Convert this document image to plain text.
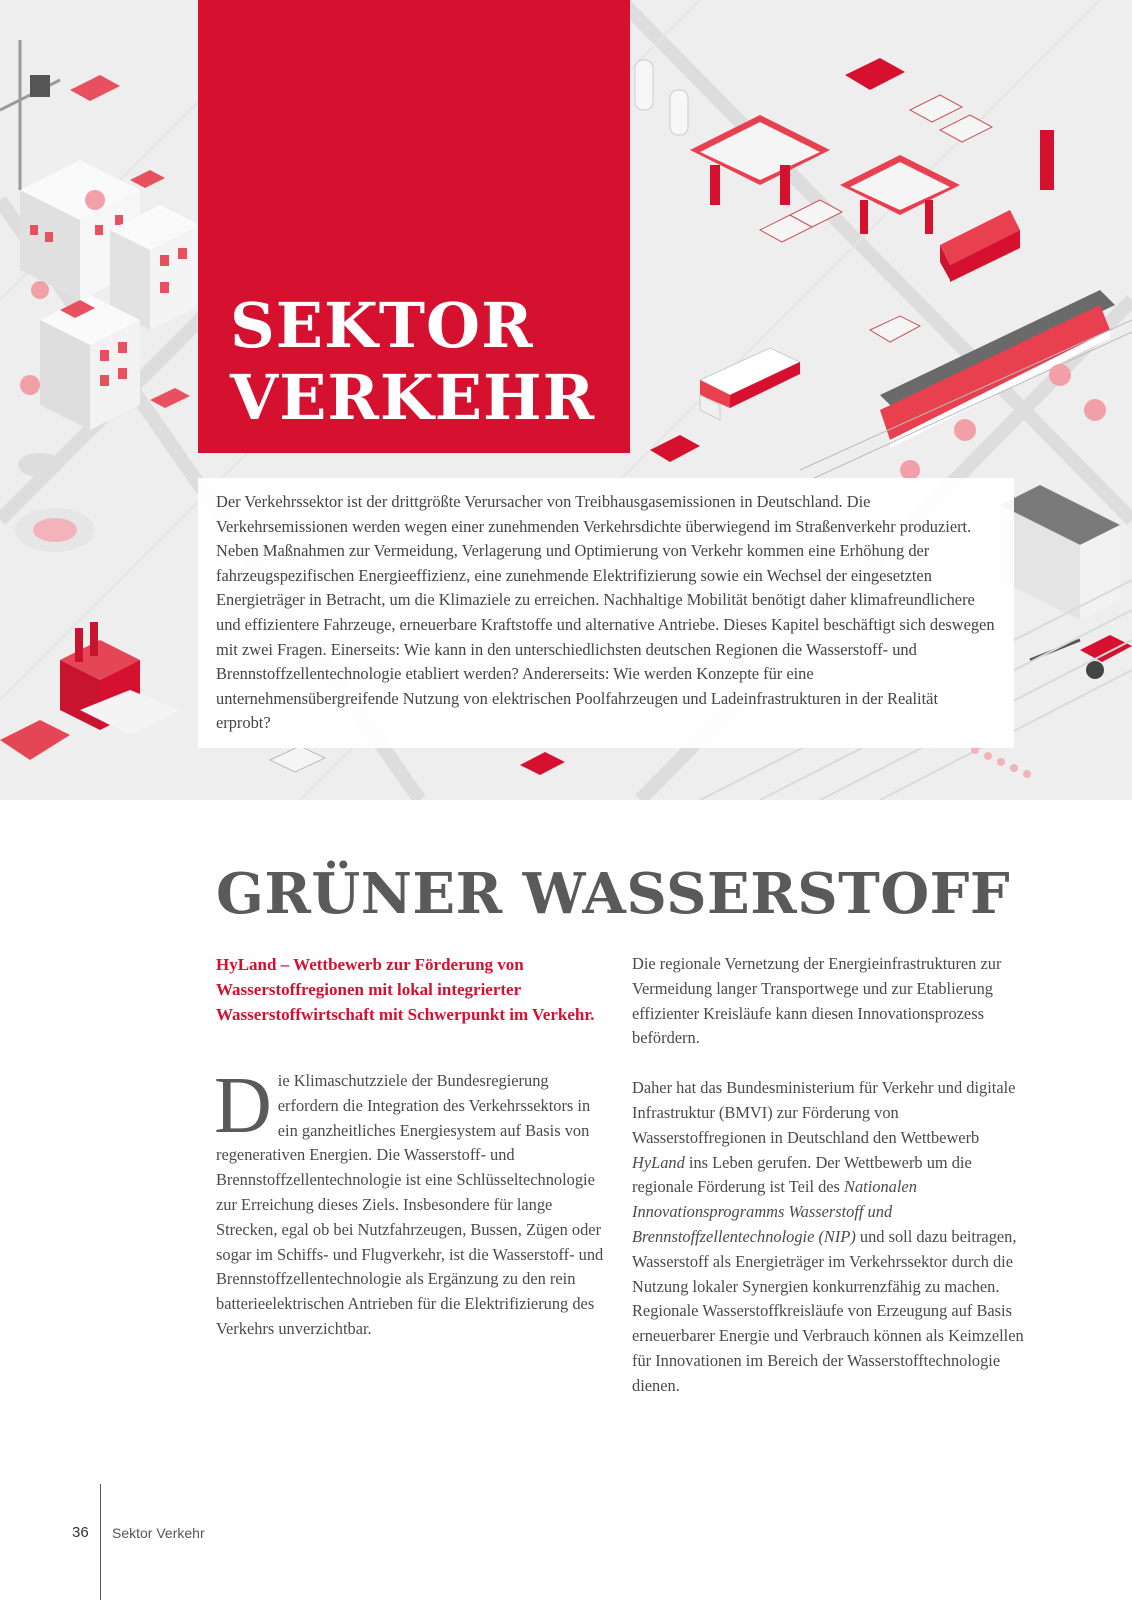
SEKTOR
VERKEHR

Der Verkehrssektor ist der drittgrößte Verursacher von Treibhausgasemissionen in Deutschland. Die Verkehrsemissionen werden wegen einer zunehmenden Verkehrsdichte überwiegend im Straßenverkehr produziert. Neben Maßnahmen zur Vermeidung, Verlagerung und Optimierung von Verkehr kommen eine Erhöhung der fahrzeugspezifischen Energieeffizienz, eine zunehmende Elektrifizierung sowie ein Wechsel der eingesetzten Energieträger in Betracht, um die Klimaziele zu erreichen. Nachhaltige Mobilität benötigt daher klimafreundlichere und effizientere Fahrzeuge, erneuerbare Kraftstoffe und alternative Antriebe. Dieses Kapitel beschäftigt sich deswegen mit zwei Fragen. Einerseits: Wie kann in den unterschiedlichsten deutschen Regionen die Wasserstoff- und Brennstoffzellentechnologie etabliert werden? Andererseits: Wie werden Konzepte für eine unternehmensübergreifende Nutzung von elektrischen Poolfahrzeugen und Ladeinfrastrukturen in der Realität erprobt?

GRÜNER WASSERSTOFF

HyLand – Wettbewerb zur Förderung von Wasserstoffregionen mit lokal integrierter Wasserstoffwirtschaft mit Schwerpunkt im Verkehr.

Die Klimaschutzziele der Bundesregierung erfordern die Integration des Verkehrssektors in ein ganzheitliches Energiesystem auf Basis von regenerativen Energien. Die Wasserstoff- und Brennstoffzellentechnologie ist eine Schlüsseltechnologie zur Erreichung dieses Ziels. Insbesondere für lange Strecken, egal ob bei Nutzfahrzeugen, Bussen, Zügen oder sogar im Schiffs- und Flugverkehr, ist die Wasserstoff- und Brennstoffzellentechnologie als Ergänzung zu den rein batterieelektrischen Antrieben für die Elektrifizierung des Verkehrs unverzichtbar.

Die regionale Vernetzung der Energieinfrastrukturen zur Vermeidung langer Transportwege und zur Etablierung effizienter Kreisläufe kann diesen Innovationsprozess befördern.

Daher hat das Bundesministerium für Verkehr und digitale Infrastruktur (BMVI) zur Förderung von Wasserstoffregionen in Deutschland den Wettbewerb HyLand ins Leben gerufen. Der Wettbewerb um die regionale Förderung ist Teil des Nationalen Innovationsprogramms Wasserstoff und Brennstoffzellentechnologie (NIP) und soll dazu beitragen, Wasserstoff als Energieträger im Verkehrssektor durch die Nutzung lokaler Synergien konkurrenzfähig zu machen. Regionale Wasserstoffkreisläufe von Erzeugung auf Basis erneuerbarer Energie und Verbrauch können als Keimzellen für Innovationen im Bereich der Wasserstofftechnologie dienen.

36 Sektor Verkehr
